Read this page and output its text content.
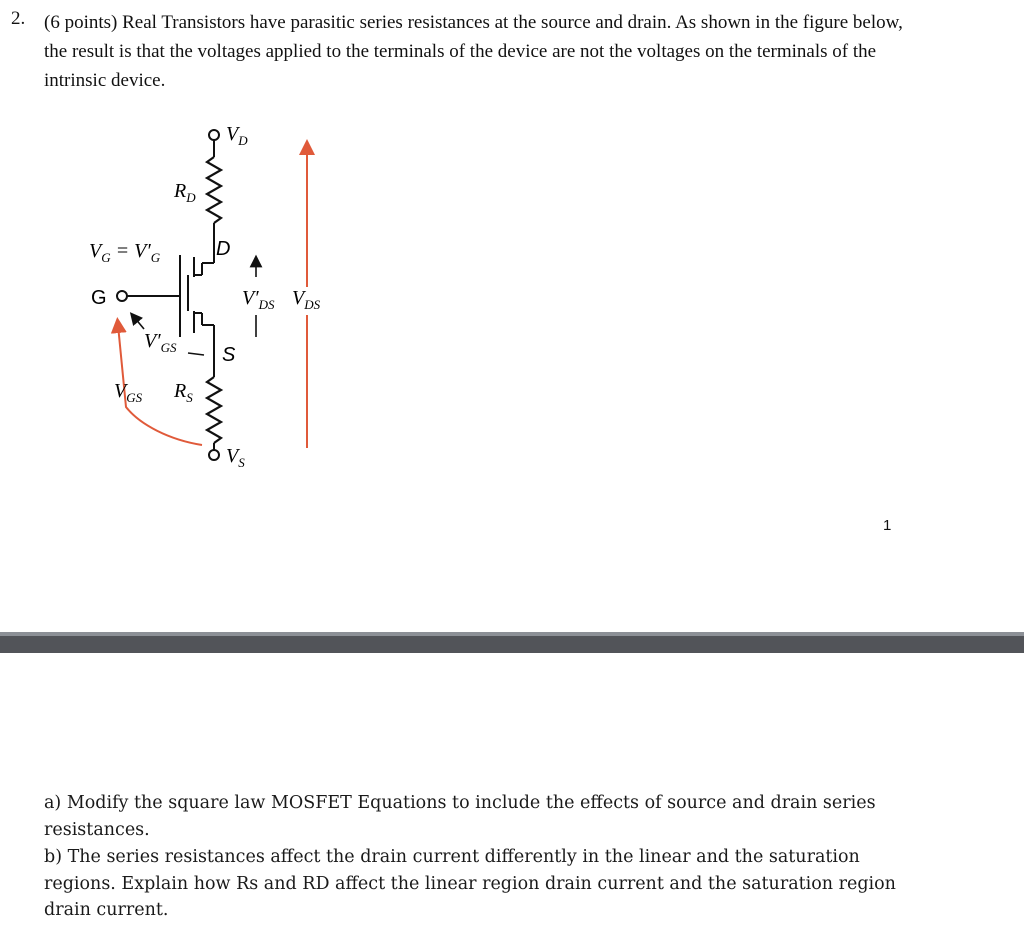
2. (6 points) Real Transistors have parasitic series resistances at the source and drain. As shown in the figure below, the result is that the voltages applied to the terminals of the device are not the voltages on the terminals of the intrinsic device.

$V_D$
$R_D$
$V_G = V'_G$
G
D
S
$V'_{DS}$ $V_{DS}$
$V'_{GS}$
$V_{GS}$ $R_S$
$V_S$
1

a) Modify the square law MOSFET Equations to include the effects of source and drain series resistances.

b) The series resistances affect the drain current differently in the linear and the saturation regions. Explain how Rs and RD affect the linear region drain current and the saturation region drain current.
